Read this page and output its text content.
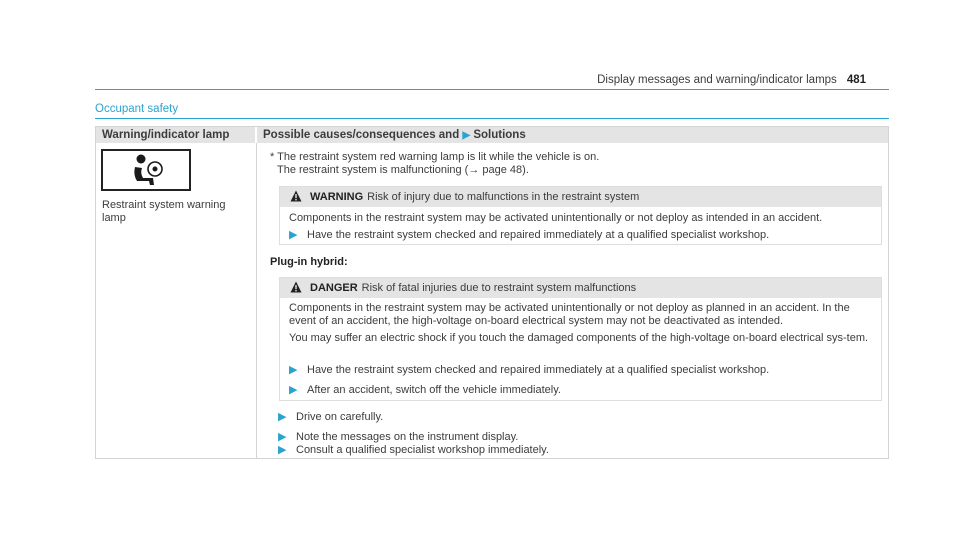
Display messages and warning/indicator lamps 481
Occupant safety
Warning/indicator lamp	Possible causes/consequences and ▶ Solutions
Restraint system warning lamp
* The restraint system red warning lamp is lit while the vehicle is on.
The restraint system is malfunctioning (→ page 48).
WARNING Risk of injury due to malfunctions in the restraint system

Components in the restraint system may be activated unintentionally or not deploy as intended in an accident.

▶ Have the restraint system checked and repaired immediately at a qualified specialist workshop.
Plug-in hybrid:
DANGER Risk of fatal injuries due to restraint system malfunctions

Components in the restraint system may be activated unintentionally or not deploy as planned in an accident. In the event of an accident, the high-voltage on-board electrical system may not be deactivated as intended.

You may suffer an electric shock if you touch the damaged components of the high-voltage on-board electrical sys-tem.

▶ Have the restraint system checked and repaired immediately at a qualified specialist workshop.
▶ After an accident, switch off the vehicle immediately.
▶ Drive on carefully.
▶ Note the messages on the instrument display.
▶ Consult a qualified specialist workshop immediately.
